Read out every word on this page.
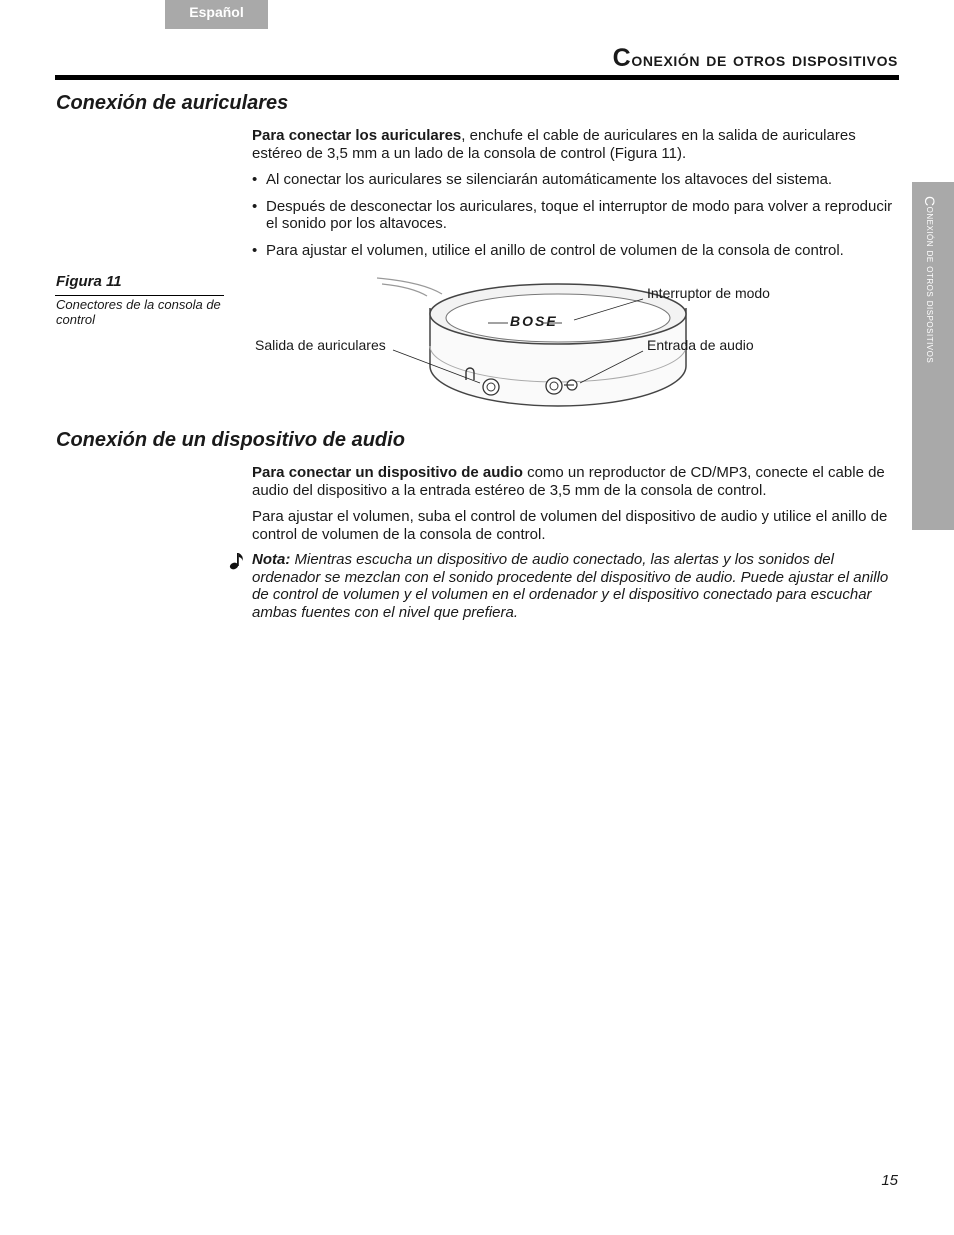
Español
Conexión de otros dispositivos
Conexión de auriculares

Para conectar los auriculares, enchufe el cable de auriculares en la salida de auriculares estéreo de 3,5 mm a un lado de la consola de control (Figura 11).

• Al conectar los auriculares se silenciarán automáticamente los altavoces del sistema.
• Después de desconectar los auriculares, toque el interruptor de modo para volver a reproducir el sonido por los altavoces.
• Para ajustar el volumen, utilice el anillo de control de volumen de la consola de control.
Figura 11
Conectores de la consola de control	BOSE
Interruptor de modo
Salida de auriculares	Entrada de audio
Conexión de un dispositivo de audio

Para conectar un dispositivo de audio como un reproductor de CD/MP3, conecte el cable de audio del dispositivo a la entrada estéreo de 3,5 mm de la consola de control.

Para ajustar el volumen, suba el control de volumen del dispositivo de audio y utilice el anillo de control de volumen de la consola de control.

Nota: Mientras escucha un dispositivo de audio conectado, las alertas y los sonidos del ordenador se mezclan con el sonido procedente del dispositivo de audio. Puede ajustar el anillo de control de volumen y el volumen en el ordenador y el dispositivo conectado para escuchar ambas fuentes con el nivel que prefiera.
Conexión de otros dispositivos
15
